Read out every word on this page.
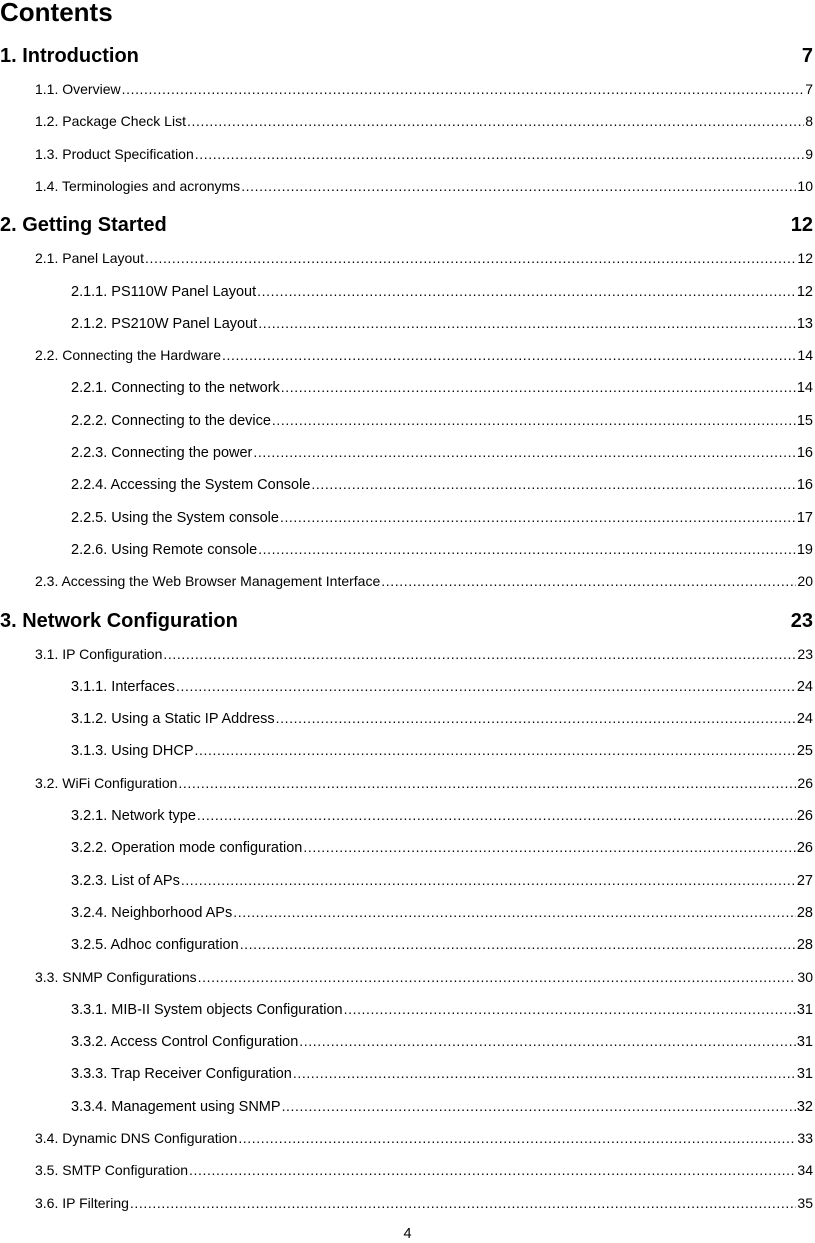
Contents
1. Introduction	7
1.1. Overview .....	7
1.2. Package Check List .....	8
1.3. Product Specification .....	9
1.4. Terminologies and acronyms .....	10
2. Getting Started	12
2.1. Panel Layout .....	12
2.1.1. PS110W Panel Layout .....	12
2.1.2. PS210W Panel Layout .....	13
2.2. Connecting the Hardware .....	14
2.2.1. Connecting to the network .....	14
2.2.2. Connecting to the device .....	15
2.2.3. Connecting the power .....	16
2.2.4. Accessing the System Console .....	16
2.2.5. Using the System console .....	17
2.2.6. Using Remote console .....	19
2.3. Accessing the Web Browser Management Interface .....	20
3. Network Configuration	23
3.1. IP Configuration .....	23
3.1.1. Interfaces .....	24
3.1.2. Using a Static IP Address .....	24
3.1.3. Using DHCP .....	25
3.2. WiFi Configuration .....	26
3.2.1. Network type .....	26
3.2.2. Operation mode configuration .....	26
3.2.3. List of APs .....	27
3.2.4. Neighborhood APs .....	28
3.2.5. Adhoc configuration .....	28
3.3. SNMP Configurations .....	30
3.3.1. MIB-II System objects Configuration .....	31
3.3.2. Access Control Configuration .....	31
3.3.3. Trap Receiver Configuration .....	31
3.3.4. Management using SNMP .....	32
3.4. Dynamic DNS Configuration .....	33
3.5. SMTP Configuration .....	34
3.6. IP Filtering .....	35
4
